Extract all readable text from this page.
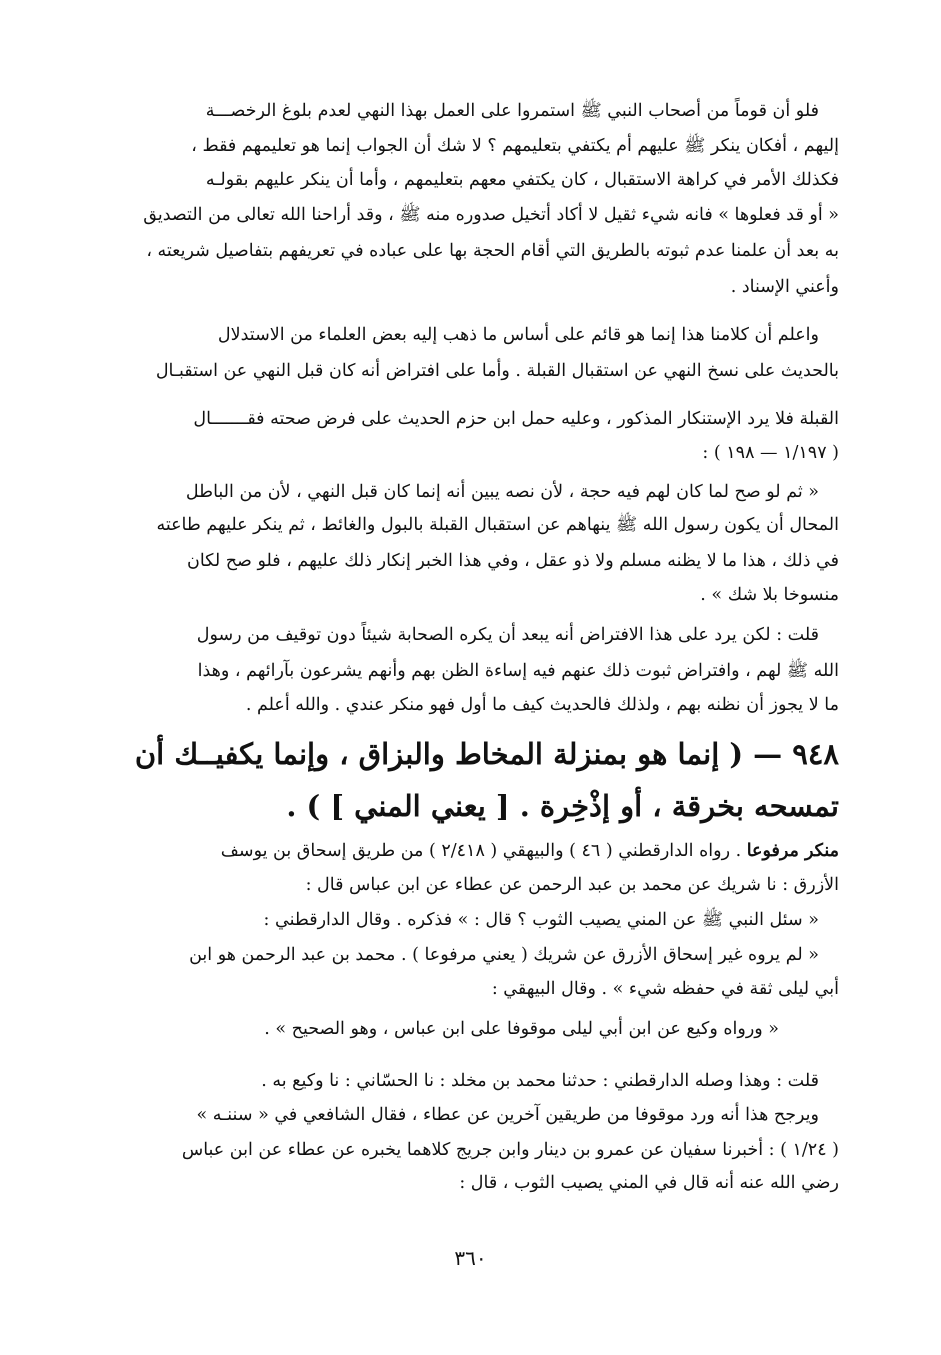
فلو أن قوماً من أصحاب النبي ﷺ استمروا على العمل بهذا النهي لعدم بلوغ الرخصـــة
إليهم ، أفكان ينكر ﷺ عليهم أم يكتفي بتعليمهم ؟ لا شك أن الجواب إنما هو تعليمهم فقط ،
فكذلك الأمر في كراهة الاستقبال ، كان يكتفي معهم بتعليمهم ، وأما أن ينكر عليهم بقولـه
« أو قد فعلوها » فانه شيء ثقيل لا أكاد أتخيل صدوره منه ﷺ ، وقد أراحنا الله تعالى من التصديق
به بعد أن علمنا عدم ثبوته بالطريق التي أقام الحجة بها على عباده في تعريفهم بتفاصيل شريعته ،
وأعني الإسناد .
واعلم أن كلامنا هذا إنما هو قائم على أساس ما ذهب إليه بعض العلماء من الاستدلال
بالحديث على نسخ النهي عن استقبال القبلة . وأما على افتراض أنه كان قبل النهي عن استقبـال
القبلة فلا يرد الإستنكار المذكور ، وعليه حمل ابن حزم الحديث على فرض صحته فقـــــــال
( ١/١٩٧ — ١٩٨ ) :
« ثم لو صح لما كان لهم فيه حجة ، لأن نصه يبين أنه إنما كان قبل النهي ، لأن من الباطل
المحال أن يكون رسول الله ﷺ ينهاهم عن استقبال القبلة بالبول والغائط ، ثم ينكر عليهم طاعته
في ذلك ، هذا ما لا يظنه مسلم ولا ذو عقل ، وفي هذا الخبر إنكار ذلك عليهم ، فلو صح لكان
منسوخا بلا شك » .
قلت : لكن يرد على هذا الافتراض أنه يبعد أن يكره الصحابة شيئاً دون توقيف من رسول
الله ﷺ لهم ، وافتراض ثبوت ذلك عنهم فيه إساءة الظن بهم وأنهم يشرعون بآرائهم ، وهذا
ما لا يجوز أن نظنه بهم ، ولذلك فالحديث كيف ما أول فهو منكر عندي . والله أعلم .
٩٤٨ — ( إنما هو بمنزلة المخاط والبزاق ، وإنما يكفيــك أن
تمسحه بخرقة ، أو إذْخِرة . [ يعني المني ] ) .
منكر مرفوعا . رواه الدارقطني ( ٤٦ ) والبيهقي ( ٢/٤١٨ ) من طريق إسحاق بن يوسف
الأزرق : نا شريك عن محمد بن عبد الرحمن عن عطاء عن ابن عباس قال :
« سئل النبي ﷺ عن المني يصيب الثوب ؟ قال : » فذكره . وقال الدارقطني :
« لم يروه غير إسحاق الأزرق عن شريك ( يعني مرفوعا ) . محمد بن عبد الرحمن هو ابن
أبي ليلى ثقة في حفظه شيء » . وقال البيهقي :
« ورواه وكيع عن ابن أبي ليلى موقوفا على ابن عباس ، وهو الصحيح » .
قلت : وهذا وصله الدارقطني : حدثنا محمد بن مخلد : نا الحسّاني : نا وكيع به .
ويرجح هذا أنه ورد موقوفا من طريقين آخرين عن عطاء ، فقال الشافعي في « سننـه »
( ١/٢٤ ) : أخبرنا سفيان عن عمرو بن دينار وابن جريج كلاهما يخبره عن عطاء عن ابن عباس
رضي الله عنه أنه قال في المني يصيب الثوب ، قال :
٣٦٠
